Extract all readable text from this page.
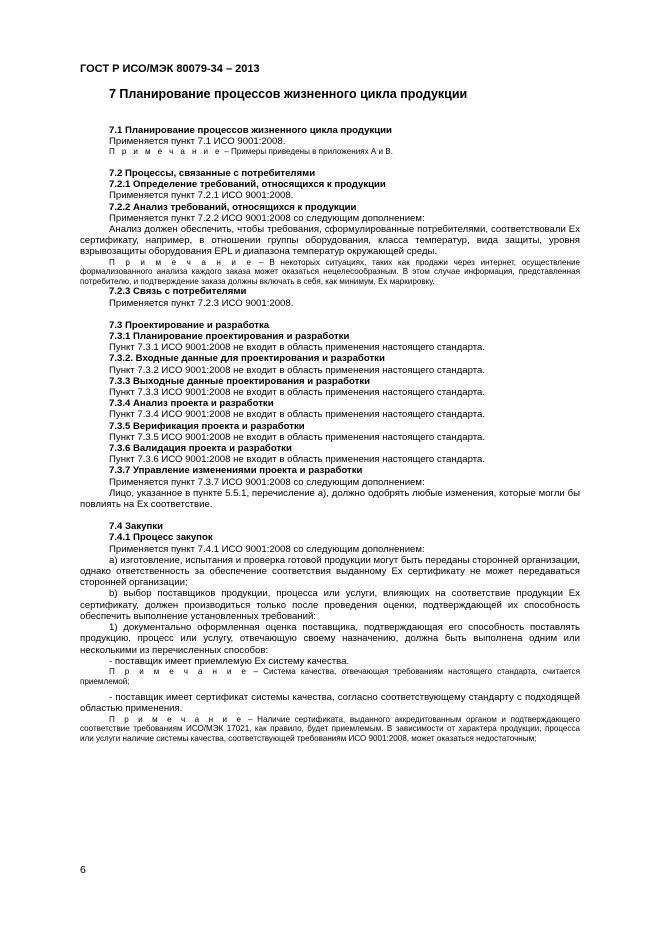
ГОСТ Р ИСО/МЭК 80079-34 – 2013
7 Планирование процессов жизненного цикла продукции

7.1 Планирование процессов жизненного цикла продукции

Применяется пункт 7.1 ИСО 9001:2008.

П р и м е ч а н и е – Примеры приведены в приложениях А и В.

7.2 Процессы, связанные с потребителями

7.2.1 Определение требований, относящихся к продукции

Применяется пункт 7.2.1 ИСО 9001:2008.

7.2.2 Анализ требований, относящихся к продукции

Применяется пункт 7.2.2 ИСО 9001:2008 со следующим дополнением:

Анализ должен обеспечить, чтобы требования, сформулированные потребителями, соответствовали Ех сертификату, например, в отношении группы оборудования, класса температур, вида защиты, уровня взрывозащиты оборудования EPL и диапазона температур окружающей среды.

П р и м е ч а н и е – В некоторых ситуациях, таких как продажи через интернет, осуществление формализованного анализа каждого заказа может оказаться нецелесообразным. В этом случае информация, представленная потребителю, и подтверждение заказа должны включать в себя, как минимум, Ех маркировку.

7.2.3 Связь с потребителями

Применяется пункт 7.2.3 ИСО 9001:2008.

7.3 Проектирование и разработка

7.3.1 Планирование проектирования и разработки

Пункт 7.3.1 ИСО 9001:2008 не входит в область применения настоящего стандарта.

7.3.2. Входные данные для проектирования и разработки

Пункт 7.3.2 ИСО 9001:2008 не входит в область применения настоящего стандарта.

7.3.3 Выходные данные проектирования и разработки

Пункт 7.3.3 ИСО 9001:2008 не входит в область применения настоящего стандарта.

7.3.4 Анализ проекта и разработки

Пункт 7.3.4 ИСО 9001:2008 не входит в область применения настоящего стандарта.

7.3.5 Верификация проекта и разработки

Пункт 7.3.5 ИСО 9001:2008 не входит в область применения настоящего стандарта.

7.3.6 Валидация проекта и разработки

Пункт 7.3.6 ИСО 9001:2008 не входит в область применения настоящего стандарта.

7.3.7 Управление изменениями проекта и разработки

Применяется пункт 7.3.7 ИСО 9001:2008 со следующим дополнением:

Лицо, указанное в пункте 5.5.1, перечисление а), должно одобрять любые изменения, которые могли бы повлиять на Ех соответствие.

7.4 Закупки

7.4.1 Процесс закупок

Применяется пункт 7.4.1 ИСО 9001:2008 со следующим дополнением:

а) изготовление, испытания и проверка готовой продукции могут быть переданы сторонней организации, однако ответственность за обеспечение соответствия выданному Ех сертификату не может передаваться сторонней организации;

b) выбор поставщиков продукции, процесса или услуги, влияющих на соответствие продукции Ех сертификату, должен производиться только после проведения оценки, подтверждающей их способность обеспечить выполнение установленных требований:

1) документально оформленная оценка поставщика, подтверждающая его способность поставлять продукцию, процесс или услугу, отвечающую своему назначению, должна быть выполнена одним или несколькими из перечисленных способов:

- поставщик имеет приемлемую Ех систему качества.

П р и м е ч а н и е – Система качества, отвечающая требованиям настоящего стандарта, считается приемлемой;

- поставщик имеет сертификат системы качества, согласно соответствующему стандарту с подходящей областью применения.

П р и м е ч а н и е – Наличие сертификата, выданного аккредитованным органом и подтверждающего соответствие требованиям ИСО/МЭК 17021, как правило, будет приемлемым. В зависимости от характера продукции, процесса или услуги наличие системы качества, соответствующей требованиям ИСО 9001:2008, может оказаться недостаточным;

6
